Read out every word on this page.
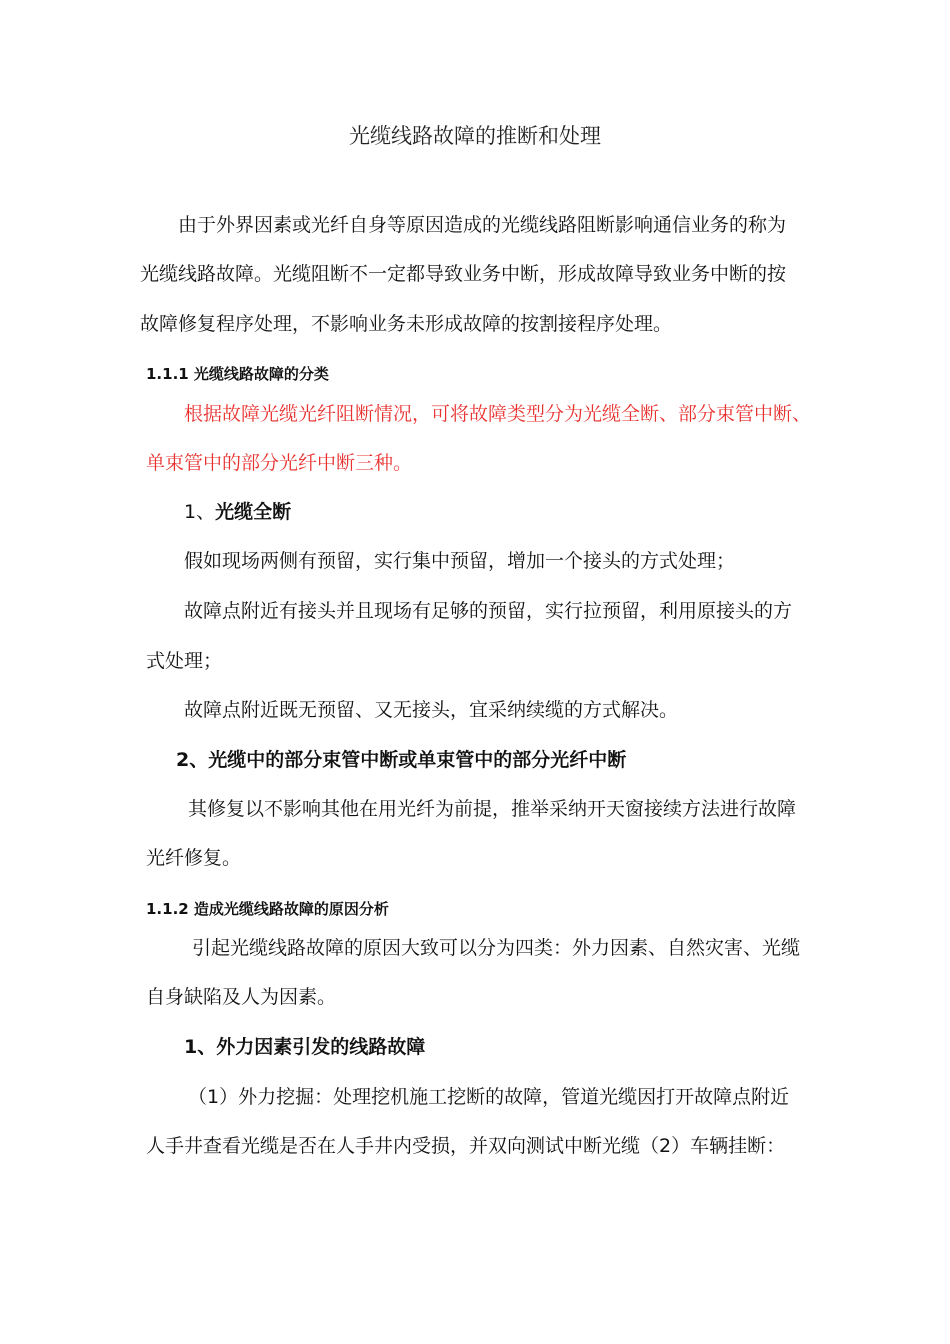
光缆线路故障的推断和处理

由于外界因素或光纤自身等原因造成的光缆线路阻断影响通信业务的称为

光缆线路故障。光缆阻断不一定都导致业务中断，形成故障导致业务中断的按

故障修复程序处理，不影响业务未形成故障的按割接程序处理。

1.1.1 光缆线路故障的分类

根据故障光缆光纤阻断情况，可将故障类型分为光缆全断、部分束管中断、

单束管中的部分光纤中断三种。

1、光缆全断

假如现场两侧有预留，实行集中预留，增加一个接头的方式处理；

故障点附近有接头并且现场有足够的预留，实行拉预留，利用原接头的方

式处理；

故障点附近既无预留、又无接头，宜采纳续缆的方式解决。

2、光缆中的部分束管中断或单束管中的部分光纤中断

其修复以不影响其他在用光纤为前提，推举采纳开天窗接续方法进行故障

光纤修复。

1.1.2 造成光缆线路故障的原因分析

引起光缆线路故障的原因大致可以分为四类：外力因素、自然灾害、光缆

自身缺陷及人为因素。

1、外力因素引发的线路故障

（1）外力挖掘：处理挖机施工挖断的故障，管道光缆因打开故障点附近

人手井查看光缆是否在人手井内受损，并双向测试中断光缆（2）车辆挂断：
